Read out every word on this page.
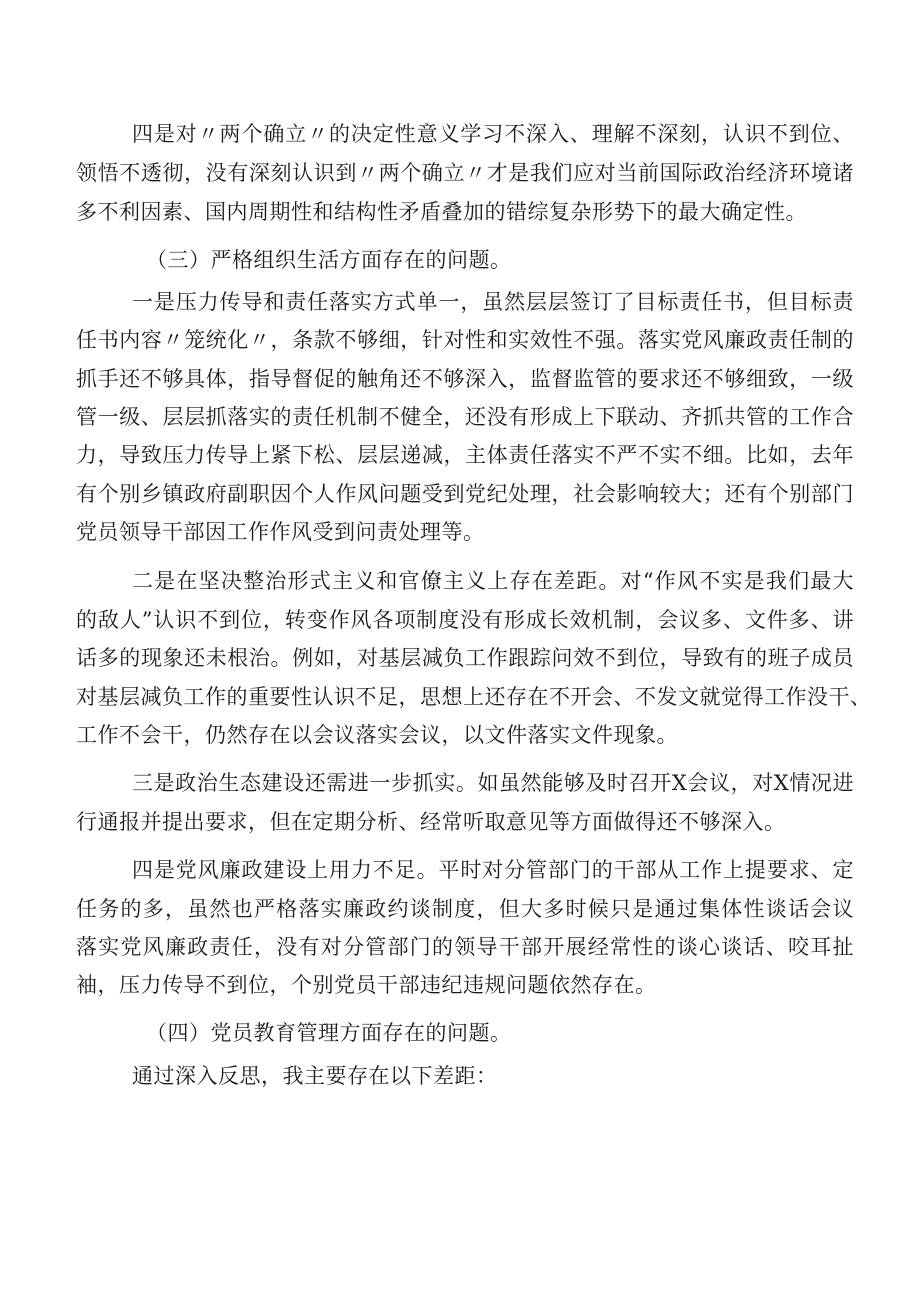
四是对〃两个确立〃的决定性意义学习不深入、理解不深刻，认识不到位、
领悟不透彻，没有深刻认识到〃两个确立〃才是我们应对当前国际政治经济环境诸
多不利因素、国内周期性和结构性矛盾叠加的错综复杂形势下的最大确定性。
（三）严格组织生活方面存在的问题。
一是压力传导和责任落实方式单一，虽然层层签订了目标责任书，但目标责
任书内容〃笼统化〃，条款不够细，针对性和实效性不强。落实党风廉政责任制的
抓手还不够具体，指导督促的触角还不够深入，监督监管的要求还不够细致，一级
管一级、层层抓落实的责任机制不健全，还没有形成上下联动、齐抓共管的工作合
力，导致压力传导上紧下松、层层递减，主体责任落实不严不实不细。比如，去年
有个别乡镇政府副职因个人作风问题受到党纪处理，社会影响较大；还有个别部门
党员领导干部因工作作风受到问责处理等。
二是在坚决整治形式主义和官僚主义上存在差距。对“作风不实是我们最大
的敌人”认识不到位，转变作风各项制度没有形成长效机制，会议多、文件多、讲
话多的现象还未根治。例如，对基层减负工作跟踪问效不到位，导致有的班子成员
对基层减负工作的重要性认识不足，思想上还存在不开会、不发文就觉得工作没干、
工作不会干，仍然存在以会议落实会议，以文件落实文件现象。
三是政治生态建设还需进一步抓实。如虽然能够及时召开X会议，对X情况进
行通报并提出要求，但在定期分析、经常听取意见等方面做得还不够深入。
四是党风廉政建设上用力不足。平时对分管部门的干部从工作上提要求、定
任务的多，虽然也严格落实廉政约谈制度，但大多时候只是通过集体性谈话会议
落实党风廉政责任，没有对分管部门的领导干部开展经常性的谈心谈话、咬耳扯
袖，压力传导不到位，个别党员干部违纪违规问题依然存在。
（四）党员教育管理方面存在的问题。
通过深入反思，我主要存在以下差距：
